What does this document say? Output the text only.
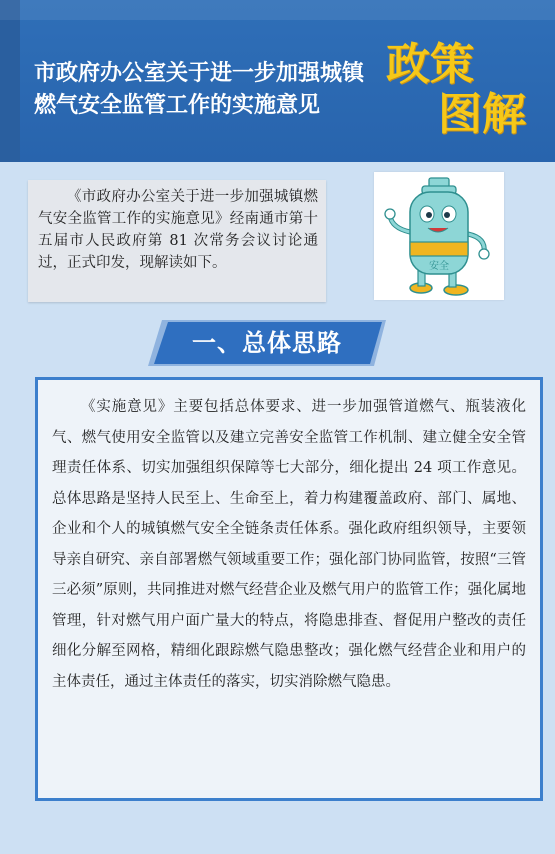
市政府办公室关于进一步加强城镇
燃气安全监管工作的实施意见
政策
图解

《市政府办公室关于进一步加强城镇燃气安全监管工作的实施意见》经南通市第十五届市人民政府第 81 次常务会议讨论通过，正式印发，现解读如下。	安全
一、总体思路

《实施意见》主要包括总体要求、进一步加强管道燃气、瓶装液化气、燃气使用安全监管以及建立完善安全监管工作机制、建立健全安全管理责任体系、切实加强组织保障等七大部分，细化提出 24 项工作意见。总体思路是坚持人民至上、生命至上，着力构建覆盖政府、部门、属地、企业和个人的城镇燃气安全全链条责任体系。强化政府组织领导，主要领导亲自研究、亲自部署燃气领域重要工作；强化部门协同监管，按照“三管三必须”原则，共同推进对燃气经营企业及燃气用户的监管工作；强化属地管理，针对燃气用户面广量大的特点，将隐患排查、督促用户整改的责任细化分解至网格，精细化跟踪燃气隐患整改；强化燃气经营企业和用户的主体责任，通过主体责任的落实，切实消除燃气隐患。
